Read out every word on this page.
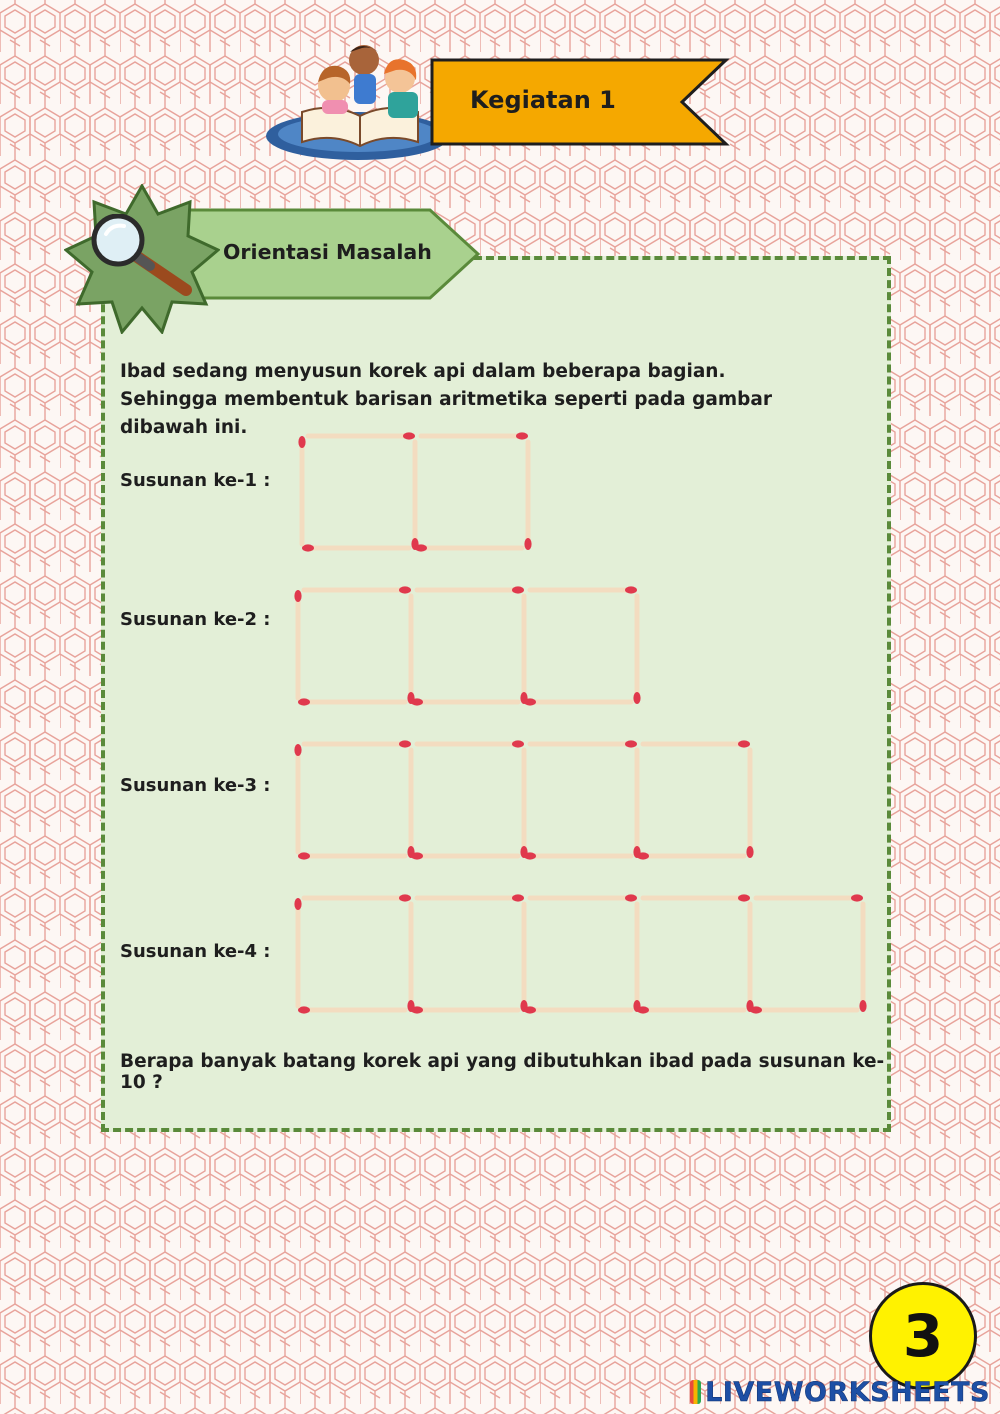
Kegiatan 1
Orientasi Masalah
Ibad sedang menyusun korek api dalam beberapa bagian. Sehingga membentuk barisan aritmetika seperti pada gambar dibawah ini.
Susunan ke-1 :
Susunan ke-2 :
Susunan ke-3 :
Susunan ke-4 :
Berapa banyak batang korek api yang dibutuhkan ibad pada susunan ke-10 ?
3
LIVEWORKSHEETS
